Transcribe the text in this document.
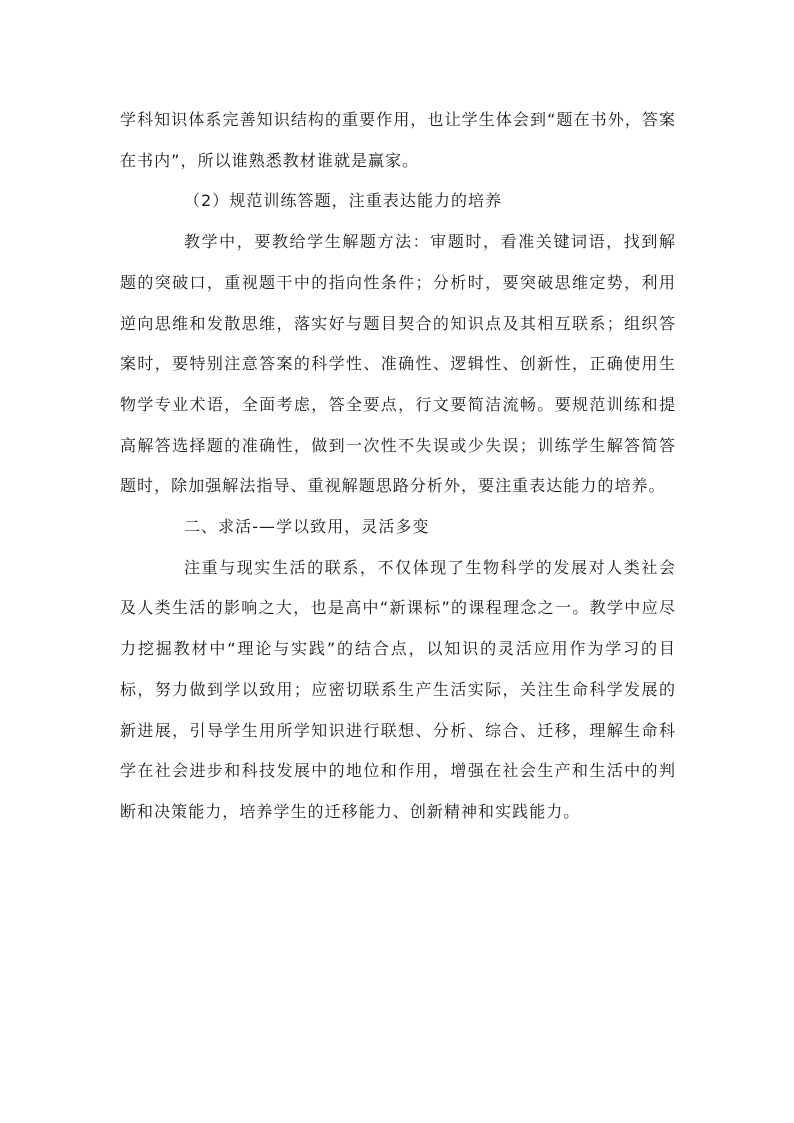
学科知识体系完善知识结构的重要作用，也让学生体会到“题在书外，答案在书内”，所以谁熟悉教材谁就是赢家。

（2）规范训练答题，注重表达能力的培养

教学中，要教给学生解题方法：审题时，看准关键词语，找到解题的突破口，重视题干中的指向性条件；分析时，要突破思维定势，利用逆向思维和发散思维，落实好与题目契合的知识点及其相互联系；组织答案时，要特别注意答案的科学性、准确性、逻辑性、创新性，正确使用生物学专业术语，全面考虑，答全要点，行文要简洁流畅。要规范训练和提高解答选择题的准确性，做到一次性不失误或少失误；训练学生解答简答题时，除加强解法指导、重视解题思路分析外，要注重表达能力的培养。

二、求活-—学以致用，灵活多变

注重与现实生活的联系，不仅体现了生物科学的发展对人类社会及人类生活的影响之大，也是高中“新课标”的课程理念之一。教学中应尽力挖掘教材中“理论与实践”的结合点，以知识的灵活应用作为学习的目标，努力做到学以致用；应密切联系生产生活实际，关注生命科学发展的新进展，引导学生用所学知识进行联想、分析、综合、迁移，理解生命科学在社会进步和科技发展中的地位和作用，增强在社会生产和生活中的判断和决策能力，培养学生的迁移能力、创新精神和实践能力。
